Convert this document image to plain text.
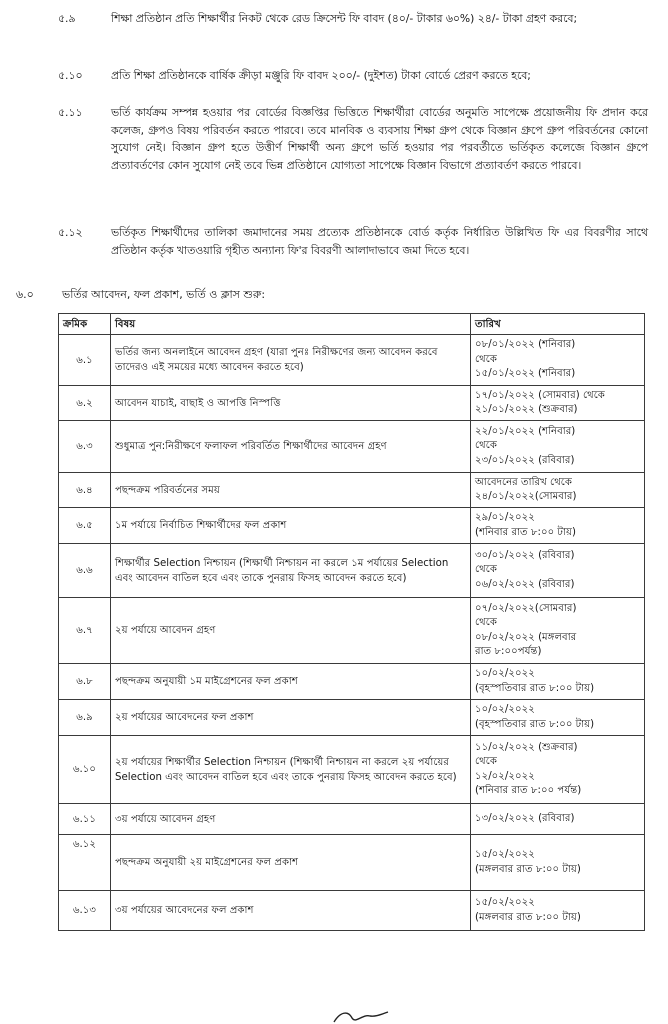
৫.৯	শিক্ষা প্রতিষ্ঠান প্রতি শিক্ষার্থীর নিকট থেকে রেড ক্রিসেন্ট ফি বাবদ (৪০/- টাকার ৬০%) ২৪/- টাকা গ্রহণ করবে;
৫.১০	প্রতি শিক্ষা প্রতিষ্ঠানকে বার্ষিক ক্রীড়া মঞ্জুরি ফি বাবদ ২০০/- (দুইশত) টাকা বোর্ডে প্রেরণ করতে হবে;
৫.১১	ভর্তি কার্যক্রম সম্পন্ন হওয়ার পর বোর্ডের বিজ্ঞপ্তির ভিত্তিতে শিক্ষার্থীরা বোর্ডের অনুমতি সাপেক্ষে প্রয়োজনীয় ফি প্রদান করে কলেজ, গ্রুপও বিষয় পরিবর্তন করতে পারবে। তবে মানবিক ও ব্যবসায় শিক্ষা গ্রুপ থেকে বিজ্ঞান গ্রুপে গ্রুপ পরিবর্তনের কোনো সুযোগ নেই। বিজ্ঞান গ্রুপ হতে উত্তীর্ণ শিক্ষার্থী অন্য গ্রুপে ভর্তি হওয়ার পর পরবর্তীতে ভর্তিকৃত কলেজে বিজ্ঞান গ্রুপে প্রত্যাবর্তণের কোন সুযোগ নেই তবে ভিন্ন প্রতিষ্ঠানে যোগ্যতা সাপেক্ষে বিজ্ঞান বিভাগে প্রত্যাবর্তণ করতে পারবে।
৫.১২	ভর্তিকৃত শিক্ষার্থীদের তালিকা জমাদানের সময় প্রত্যেক প্রতিষ্ঠানকে বোর্ড কর্তৃক নির্ধারিত উল্লিখিত ফি এর বিবরণীর সাথে প্রতিষ্ঠান কর্তৃক খাতওয়ারি গৃহীত অন্যান্য ফি'র বিবরণী আলাদাভাবে জমা দিতে হবে।
৬.০	ভর্তির আবেদন, ফল প্রকাশ, ভর্তি ও ক্লাস শুরু:
ক্রমিক	বিষয়	তারিখ
৬.১	ভর্তির জন্য অনলাইনে আবেদন গ্রহণ (যারা পুনঃ নিরীক্ষণের জন্য আবেদন করবে তাদেরও এই সময়ের মধ্যে আবেদন করতে হবে)	০৮/০১/২০২২ (শনিবার)
থেকে
১৫/০১/২০২২ (শনিবার)
৬.২	আবেদন যাচাই, বাছাই ও আপত্তি নিস্পত্তি	১৭/০১/২০২২ (সোমবার) থেকে
২১/০১/২০২২ (শুক্রবার)
৬.৩	শুধুমাত্র পুন:নিরীক্ষণে ফলাফল পরিবর্তিত শিক্ষার্থীদের আবেদন গ্রহণ	২২/০১/২০২২ (শনিবার)
থেকে
২৩/০১/২০২২ (রবিবার)
৬.৪	পছন্দক্রম পরিবর্তনের সময়	আবেদনের তারিখ থেকে
২৪/০১/২০২২(সোমবার)
৬.৫	১ম পর্যায়ে নির্বাচিত শিক্ষার্থীদের ফল প্রকাশ	২৯/০১/২০২২
(শনিবার রাত ৮:০০ টায়)
৬.৬	শিক্ষার্থীর Selection নিশ্চায়ন (শিক্ষার্থী নিশ্চায়ন না করলে ১ম পর্যায়ের Selection এবং আবেদন বাতিল হবে এবং তাকে পুনরায় ফিসহ আবেদন করতে হবে)	৩০/০১/২০২২ (রবিবার)
থেকে
০৬/০২/২০২২ (রবিবার)
৬.৭	২য় পর্যায়ে আবেদন গ্রহণ	০৭/০২/২০২২(সোমবার)
থেকে
০৮/০২/২০২২ (মঙ্গলবার
রাত ৮:০০পর্যন্ত)
৬.৮	পছন্দক্রম অনুযায়ী ১ম মাইগ্রেশনের ফল প্রকাশ	১০/০২/২০২২
(বৃহস্পতিবার রাত ৮:০০ টায়)
৬.৯	২য় পর্যায়ের আবেদনের ফল প্রকাশ	১০/০২/২০২২
(বৃহস্পতিবার রাত ৮:০০ টায়)
৬.১০	২য় পর্যায়ের শিক্ষার্থীর Selection নিশ্চায়ন (শিক্ষার্থী নিশ্চায়ন না করলে ২য় পর্যায়ের Selection এবং আবেদন বাতিল হবে এবং তাকে পুনরায় ফিসহ আবেদন করতে হবে)	১১/০২/২০২২ (শুক্রবার)
থেকে
১২/০২/২০২২
(শনিবার রাত ৮:০০ পর্যন্ত)
৬.১১	৩য় পর্যায়ে আবেদন গ্রহণ	১৩/০২/২০২২ (রবিবার)
৬.১২	পছন্দক্রম অনুযায়ী ২য় মাইগ্রেশনের ফল প্রকাশ	১৫/০২/২০২২
(মঙ্গলবার রাত ৮:০০ টায়)
৬.১৩	৩য় পর্যায়ের আবেদনের ফল প্রকাশ	১৫/০২/২০২২
(মঙ্গলবার রাত ৮:০০ টায়)
